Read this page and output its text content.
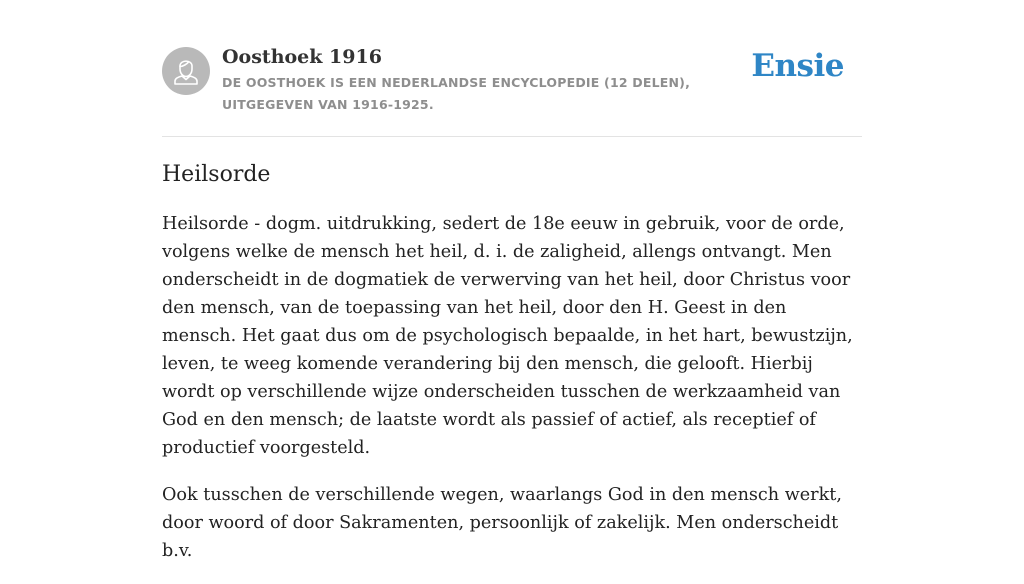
Oosthoek 1916

DE OOSTHOEK IS EEN NEDERLANDSE ENCYCLOPEDIE (12 DELEN), UITGEGEVEN VAN 1916-1925.

Ensie
Heilsorde

Heilsorde - dogm. uitdrukking, sedert de 18e eeuw in gebruik, voor de orde, volgens welke de mensch het heil, d. i. de zaligheid, allengs ontvangt. Men onderscheidt in de dogmatiek de verwerving van het heil, door Christus voor den mensch, van de toepassing van het heil, door den H. Geest in den mensch. Het gaat dus om de psychologisch bepaalde, in het hart, bewustzijn, leven, te weeg komende verandering bij den mensch, die gelooft. Hierbij wordt op verschillende wijze onderscheiden tusschen de werkzaamheid van God en den mensch; de laatste wordt als passief of actief, als receptief of productief voorgesteld.

Ook tusschen de verschillende wegen, waarlangs God in den mensch werkt, door woord of door Sakramenten, persoonlijk of zakelijk. Men onderscheidt b.v.
